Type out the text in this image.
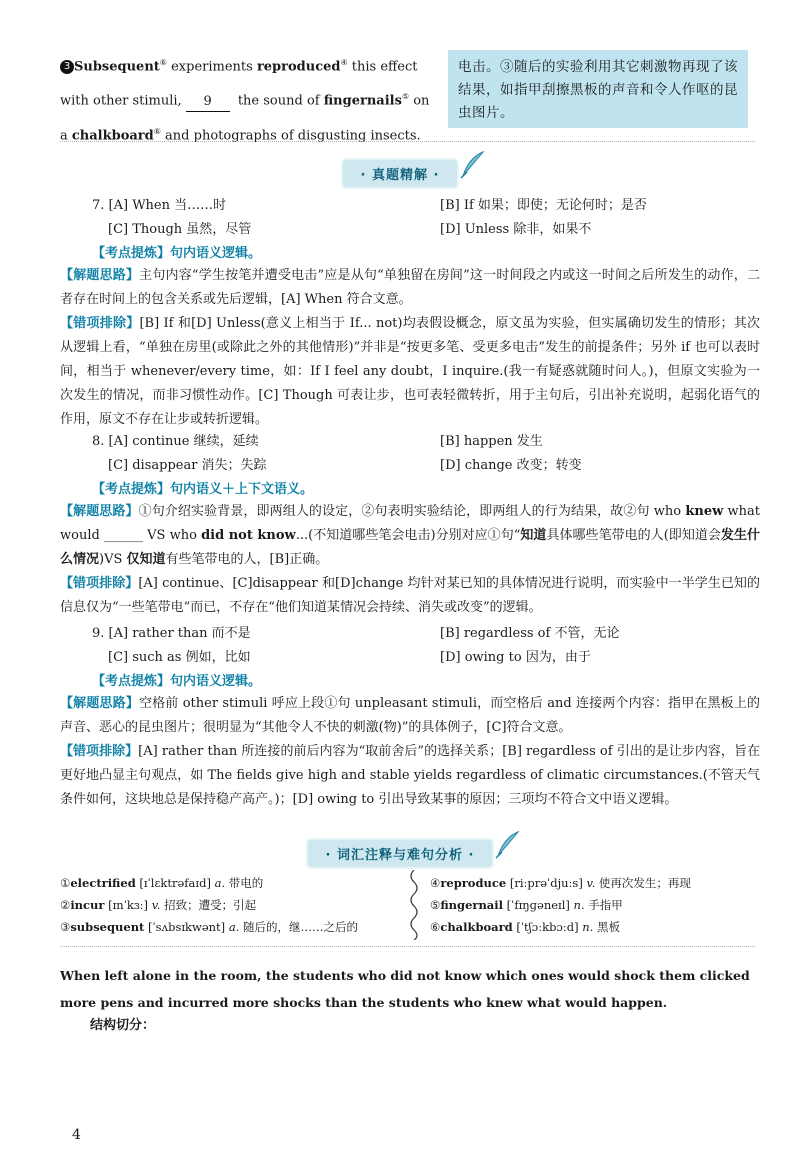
3 Subsequent⑥ experiments reproduced④ this effect with other stimuli, 9 the sound of fingernails⑤ on a chalkboard⑥ and photographs of disgusting insects.
电击。③随后的实验利用其它刺激物再现了该结果，如指甲刮擦黑板的声音和令人作呕的昆虫图片。
· 真题精解 ·
7. [A] When 当……时	[B] If 如果；即使；无论何时；是否
[C] Though 虽然，尽管	[D] Unless 除非，如果不
【考点提炼】句内语义逻辑。
【解题思路】主句内容“学生按笔并遭受电击”应是从句“单独留在房间”这一时间段之内或这一时间之后所发生的动作，二者存在时间上的包含关系或先后逻辑，[A] When 符合文意。
【错项排除】[B] If 和[D] Unless(意义上相当于 If... not)均表假设概念，原文虽为实验，但实属确切发生的情形；其次从逻辑上看，“单独在房里(或除此之外的其他情形)”并非是“按更多笔、受更多电击”发生的前提条件；另外 if 也可以表时间，相当于 whenever/every time，如：If I feel any doubt，I inquire.(我一有疑惑就随时问人。)，但原文实验为一次发生的情况，而非习惯性动作。[C] Though 可表让步，也可表轻微转折，用于主句后，引出补充说明，起弱化语气的作用，原文不存在让步或转折逻辑。
8. [A] continue 继续，延续	[B] happen 发生
[C] disappear 消失；失踪	[D] change 改变；转变
【考点提炼】句内语义＋上下文语义。
【解题思路】①句介绍实验背景，即两组人的设定，②句表明实验结论，即两组人的行为结果，故②句 who knew what would ______ VS who did not know...(不知道哪些笔会电击)分别对应①句“知道具体哪些笔带电的人(即知道会发生什么情况)VS 仅知道有些笔带电的人，[B]正确。
【错项排除】[A] continue、[C]disappear 和[D]change 均针对某已知的具体情况进行说明，而实验中一半学生已知的信息仅为“一些笔带电”而已，不存在“他们知道某情况会持续、消失或改变”的逻辑。
9. [A] rather than 而不是	[B] regardless of 不管，无论
[C] such as 例如，比如	[D] owing to 因为，由于
【考点提炼】句内语义逻辑。
【解题思路】空格前 other stimuli 呼应上段①句 unpleasant stimuli，而空格后 and 连接两个内容：指甲在黑板上的声音、恶心的昆虫图片；很明显为“其他令人不快的刺激(物)”的具体例子，[C]符合文意。
【错项排除】[A] rather than 所连接的前后内容为“取前舍后”的选择关系；[B] regardless of 引出的是让步内容，旨在更好地凸显主句观点，如 The fields give high and stable yields regardless of climatic circumstances.(不管天气条件如何，这块地总是保持稳产高产。)；[D] owing to 引出导致某事的原因；三项均不符合文中语义逻辑。
· 词汇注释与难句分析 ·
①electrified [ɪˈlɛktrəfaɪd] a. 带电的
②incur [ɪnˈkɜː] v. 招致；遭受；引起
③subsequent [ˈsʌbsɪkwənt] a. 随后的，继……之后的
④reproduce [riːprəˈdjuːs] v. 使再次发生；再现
⑤fingernail [ˈfɪŋɡəneɪl] n. 手指甲
⑥chalkboard [ˈtʃɔːkbɔːd] n. 黑板
When left alone in the room, the students who did not know which ones would shock them clicked more pens and incurred more shocks than the students who knew what would happen.
结构切分：
4
